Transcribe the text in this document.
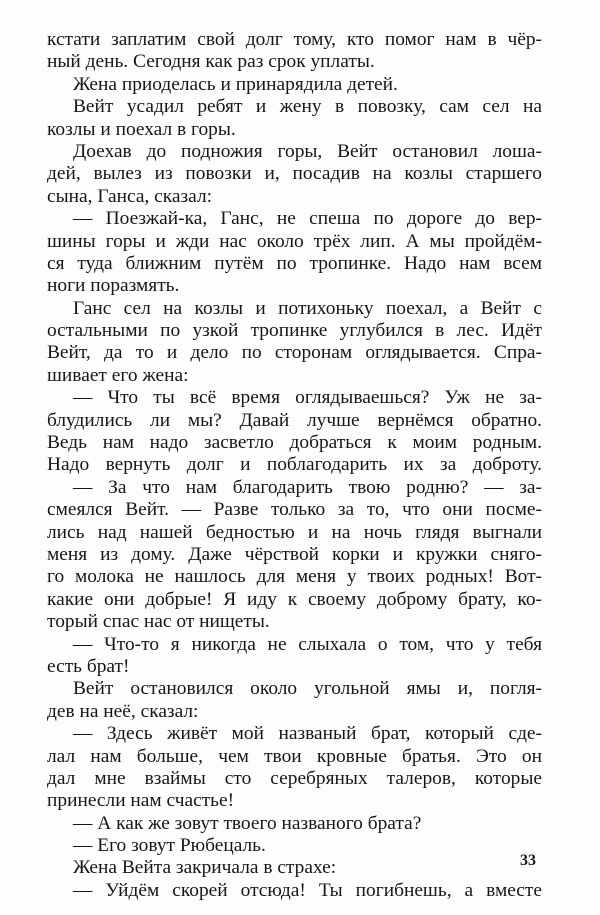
кстати заплатим свой долг тому, кто помог нам в чёр-
ный день. Сегодня как раз срок уплаты.
Жена приоделась и принарядила детей.
Вейт усадил ребят и жену в повозку, сам сел на
козлы и поехал в горы.
Доехав до подножия горы, Вейт остановил лоша-
дей, вылез из повозки и, посадив на козлы старшего
сына, Ганса, сказал:
— Поезжай-ка, Ганс, не спеша по дороге до вер-
шины горы и жди нас около трёх лип. А мы пройдём-
ся туда ближним путём по тропинке. Надо нам всем
ноги поразмять.
Ганс сел на козлы и потихоньку поехал, а Вейт с
остальными по узкой тропинке углубился в лес. Идёт
Вейт, да то и дело по сторонам оглядывается. Спра-
шивает его жена:
— Что ты всё время оглядываешься? Уж не за-
блудились ли мы? Давай лучше вернёмся обратно.
Ведь нам надо засветло добраться к моим родным.
Надо вернуть долг и поблагодарить их за доброту.
— За что нам благодарить твою родню? — за-
смеялся Вейт. — Разве только за то, что они посме-
лись над нашей бедностью и на ночь глядя выгнали
меня из дому. Даже чёрствой корки и кружки сняго-
го молока не нашлось для меня у твоих родных! Вот-
какие они добрые! Я иду к своему доброму брату, ко-
торый спас нас от нищеты.
— Что-то я никогда не слыхала о том, что у тебя
есть брат!
Вейт остановился около угольной ямы и, погля-
дев на неё, сказал:
— Здесь живёт мой названый брат, который сде-
лал нам больше, чем твои кровные братья. Это он
дал мне взаймы сто серебряных талеров, которые
принесли нам счастье!
— А как же зовут твоего названого брата?
— Его зовут Рюбецаль.
Жена Вейта закричала в страхе:
— Уйдём скорей отсюда! Ты погибнешь, а вместе
33
